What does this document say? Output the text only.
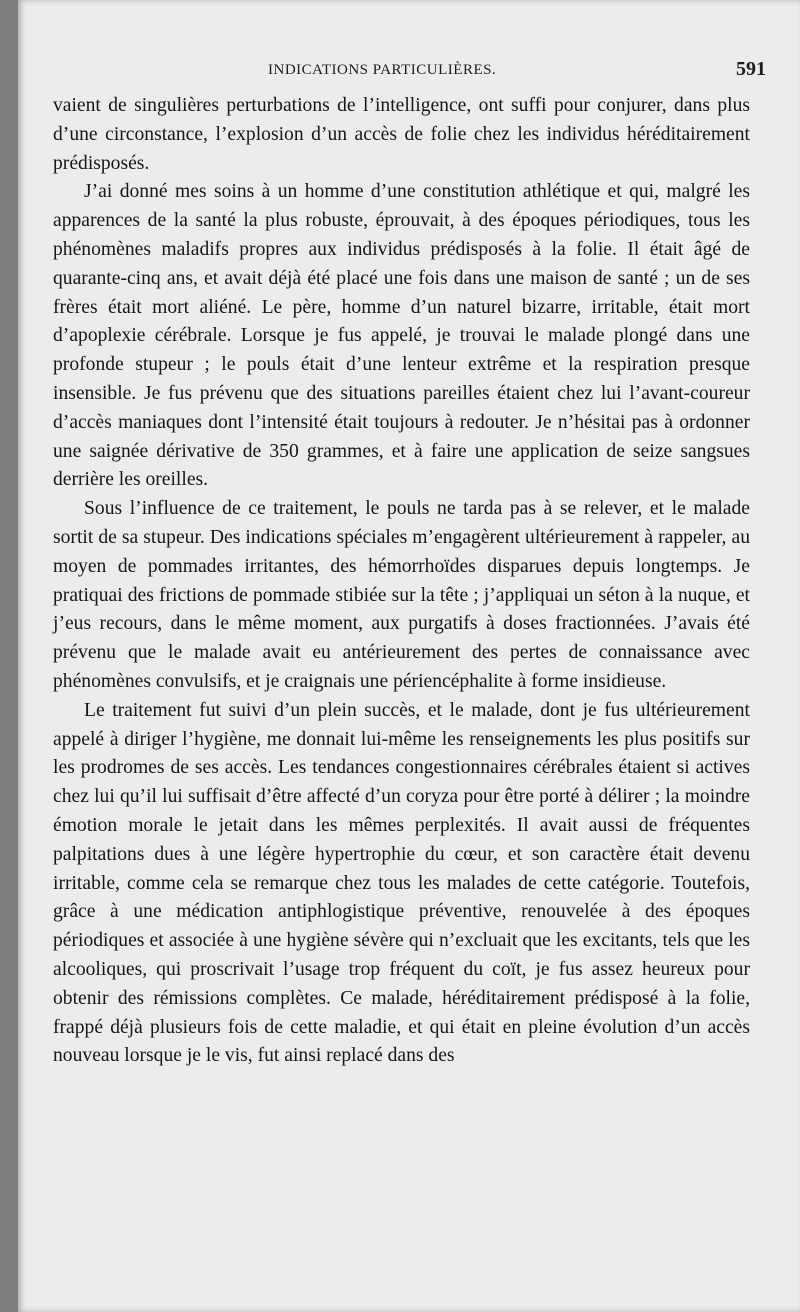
INDICATIONS PARTICULIÈRES.	591

vaient de singulières perturbations de l’intelligence, ont suffi pour conjurer, dans plus d’une circonstance, l’explosion d’un accès de folie chez les individus héréditairement prédisposés.

J’ai donné mes soins à un homme d’une constitution athlétique et qui, malgré les apparences de la santé la plus robuste, éprouvait, à des époques périodiques, tous les phénomènes maladifs propres aux individus prédisposés à la folie. Il était âgé de quarante-cinq ans, et avait déjà été placé une fois dans une maison de santé ; un de ses frères était mort aliéné. Le père, homme d’un naturel bizarre, irritable, était mort d’apoplexie cérébrale. Lorsque je fus appelé, je trouvai le malade plongé dans une profonde stupeur ; le pouls était d’une lenteur extrême et la respiration presque insensible. Je fus prévenu que des situations pareilles étaient chez lui l’avant-coureur d’accès maniaques dont l’intensité était toujours à redouter. Je n’hésitai pas à ordonner une saignée dérivative de 350 grammes, et à faire une application de seize sangsues derrière les oreilles.

Sous l’influence de ce traitement, le pouls ne tarda pas à se relever, et le malade sortit de sa stupeur. Des indications spéciales m’engagèrent ultérieurement à rappeler, au moyen de pommades irritantes, des hémorrhoïdes disparues depuis longtemps. Je pratiquai des frictions de pommade stibiée sur la tête ; j’appliquai un séton à la nuque, et j’eus recours, dans le même moment, aux purgatifs à doses fractionnées. J’avais été prévenu que le malade avait eu antérieurement des pertes de connaissance avec phénomènes convulsifs, et je craignais une périencéphalite à forme insidieuse.

Le traitement fut suivi d’un plein succès, et le malade, dont je fus ultérieurement appelé à diriger l’hygiène, me donnait lui-même les renseignements les plus positifs sur les prodromes de ses accès. Les tendances congestionnaires cérébrales étaient si actives chez lui qu’il lui suffisait d’être affecté d’un coryza pour être porté à délirer ; la moindre émotion morale le jetait dans les mêmes perplexités. Il avait aussi de fréquentes palpitations dues à une légère hypertrophie du cœur, et son caractère était devenu irritable, comme cela se remarque chez tous les malades de cette catégorie. Toutefois, grâce à une médication antiphlogistique préventive, renouvelée à des époques périodiques et associée à une hygiène sévère qui n’excluait que les excitants, tels que les alcooliques, qui proscrivait l’usage trop fréquent du coït, je fus assez heureux pour obtenir des rémissions complètes. Ce malade, héréditairement prédisposé à la folie, frappé déjà plusieurs fois de cette maladie, et qui était en pleine évolution d’un accès nouveau lorsque je le vis, fut ainsi replacé dans des
